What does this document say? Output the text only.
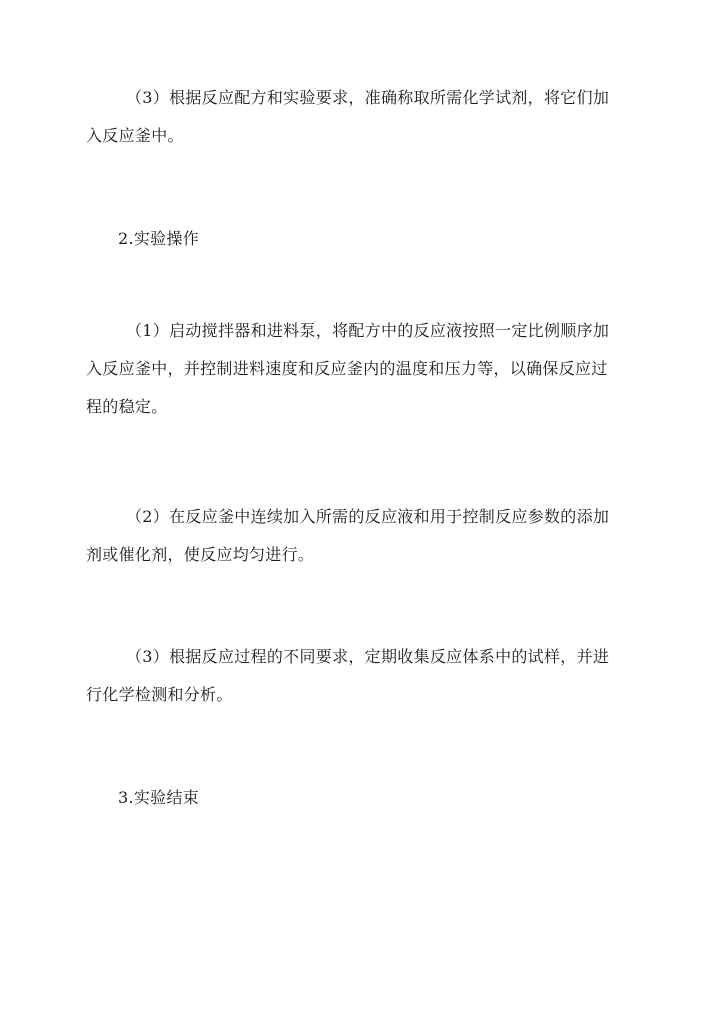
（3）根据反应配方和实验要求，准确称取所需化学试剂，将它们加
入反应釜中。
2.实验操作
（1）启动搅拌器和进料泵，将配方中的反应液按照一定比例顺序加
入反应釜中，并控制进料速度和反应釜内的温度和压力等，以确保反应过
程的稳定。
（2）在反应釜中连续加入所需的反应液和用于控制反应参数的添加
剂或催化剂，使反应均匀进行。
（3）根据反应过程的不同要求，定期收集反应体系中的试样，并进
行化学检测和分析。
3.实验结束
